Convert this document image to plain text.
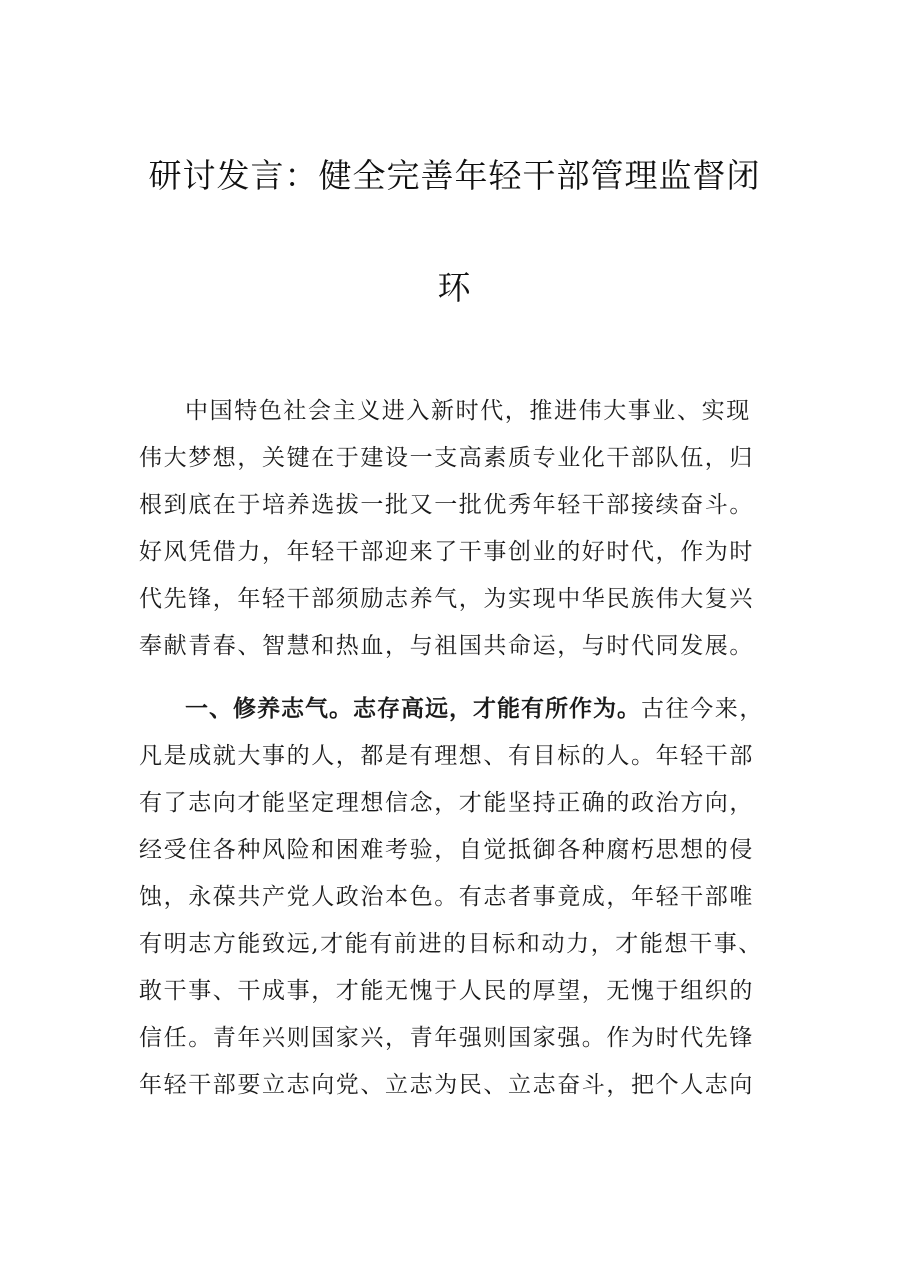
研讨发言：健全完善年轻干部管理监督闭
环
中国特色社会主义进入新时代，推进伟大事业、实现
伟大梦想，关键在于建设一支高素质专业化干部队伍，归
根到底在于培养选拔一批又一批优秀年轻干部接续奋斗。
好风凭借力，年轻干部迎来了干事创业的好时代，作为时
代先锋，年轻干部须励志养气，为实现中华民族伟大复兴
奉献青春、智慧和热血，与祖国共命运，与时代同发展。
一、修养志气。志存高远，才能有所作为。古往今来，
凡是成就大事的人，都是有理想、有目标的人。年轻干部
有了志向才能坚定理想信念，才能坚持正确的政治方向，
经受住各种风险和困难考验，自觉抵御各种腐朽思想的侵
蚀，永葆共产党人政治本色。有志者事竟成，年轻干部唯
有明志方能致远,才能有前进的目标和动力，才能想干事、
敢干事、干成事，才能无愧于人民的厚望，无愧于组织的
信任。青年兴则国家兴，青年强则国家强。作为时代先锋
年轻干部要立志向党、立志为民、立志奋斗，把个人志向
